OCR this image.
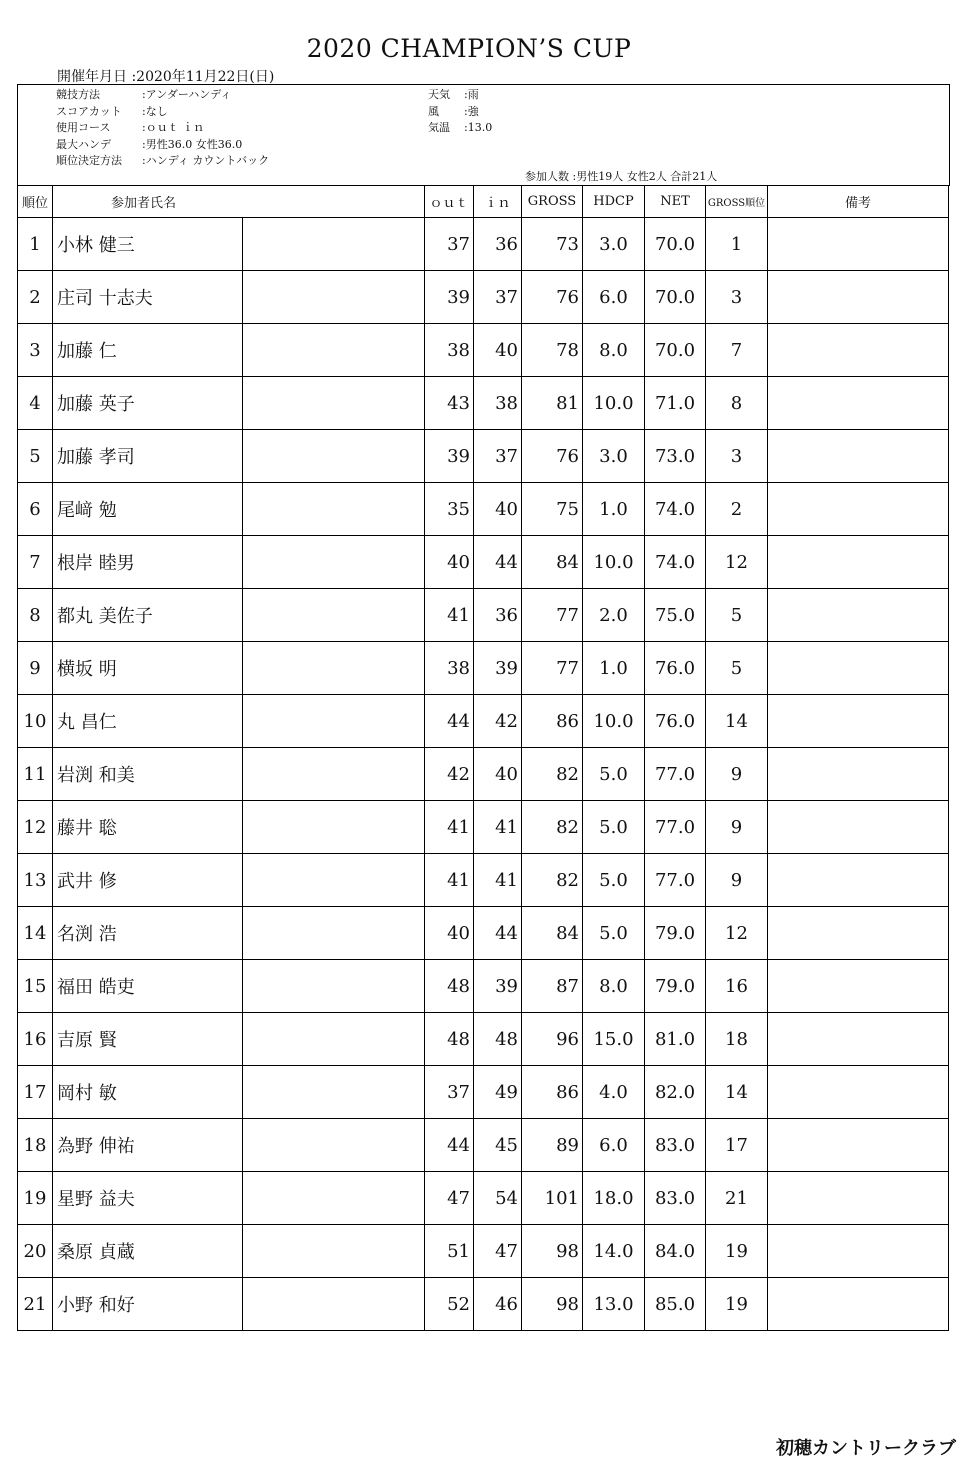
2020 CHAMPION’S CUP
開催年月日 :2020年11月22日(日)
競技方法	:アンダーハンディ
スコアカット	:なし
使用コース	:ｏｕｔ ｉｎ
最大ハンデ	:男性36.0 女性36.0
順位決定方法	:ハンディ カウントバック
天気	:雨
風	:強
気温	:13.0
参加人数 :男性19人 女性2人 合計21人
順位	参加者氏名		ｏｕｔ	ｉｎ	GROSS	HDCP	NET	GROSS順位	備考
1	小林 健三		37	36	73	3.0	70.0	1	
2	庄司 十志夫		39	37	76	6.0	70.0	3	
3	加藤 仁		38	40	78	8.0	70.0	7	
4	加藤 英子		43	38	81	10.0	71.0	8	
5	加藤 孝司		39	37	76	3.0	73.0	3	
6	尾﨑 勉		35	40	75	1.0	74.0	2	
7	根岸 睦男		40	44	84	10.0	74.0	12	
8	都丸 美佐子		41	36	77	2.0	75.0	5	
9	横坂 明		38	39	77	1.0	76.0	5	
10	丸 昌仁		44	42	86	10.0	76.0	14	
11	岩渕 和美		42	40	82	5.0	77.0	9	
12	藤井 聡		41	41	82	5.0	77.0	9	
13	武井 修		41	41	82	5.0	77.0	9	
14	名渕 浩		40	44	84	5.0	79.0	12	
15	福田 皓吏		48	39	87	8.0	79.0	16	
16	吉原 賢		48	48	96	15.0	81.0	18	
17	岡村 敏		37	49	86	4.0	82.0	14	
18	為野 伸祐		44	45	89	6.0	83.0	17	
19	星野 益夫		47	54	101	18.0	83.0	21	
20	桑原 貞蔵		51	47	98	14.0	84.0	19	
21	小野 和好		52	46	98	13.0	85.0	19	
初穂カントリークラブ
